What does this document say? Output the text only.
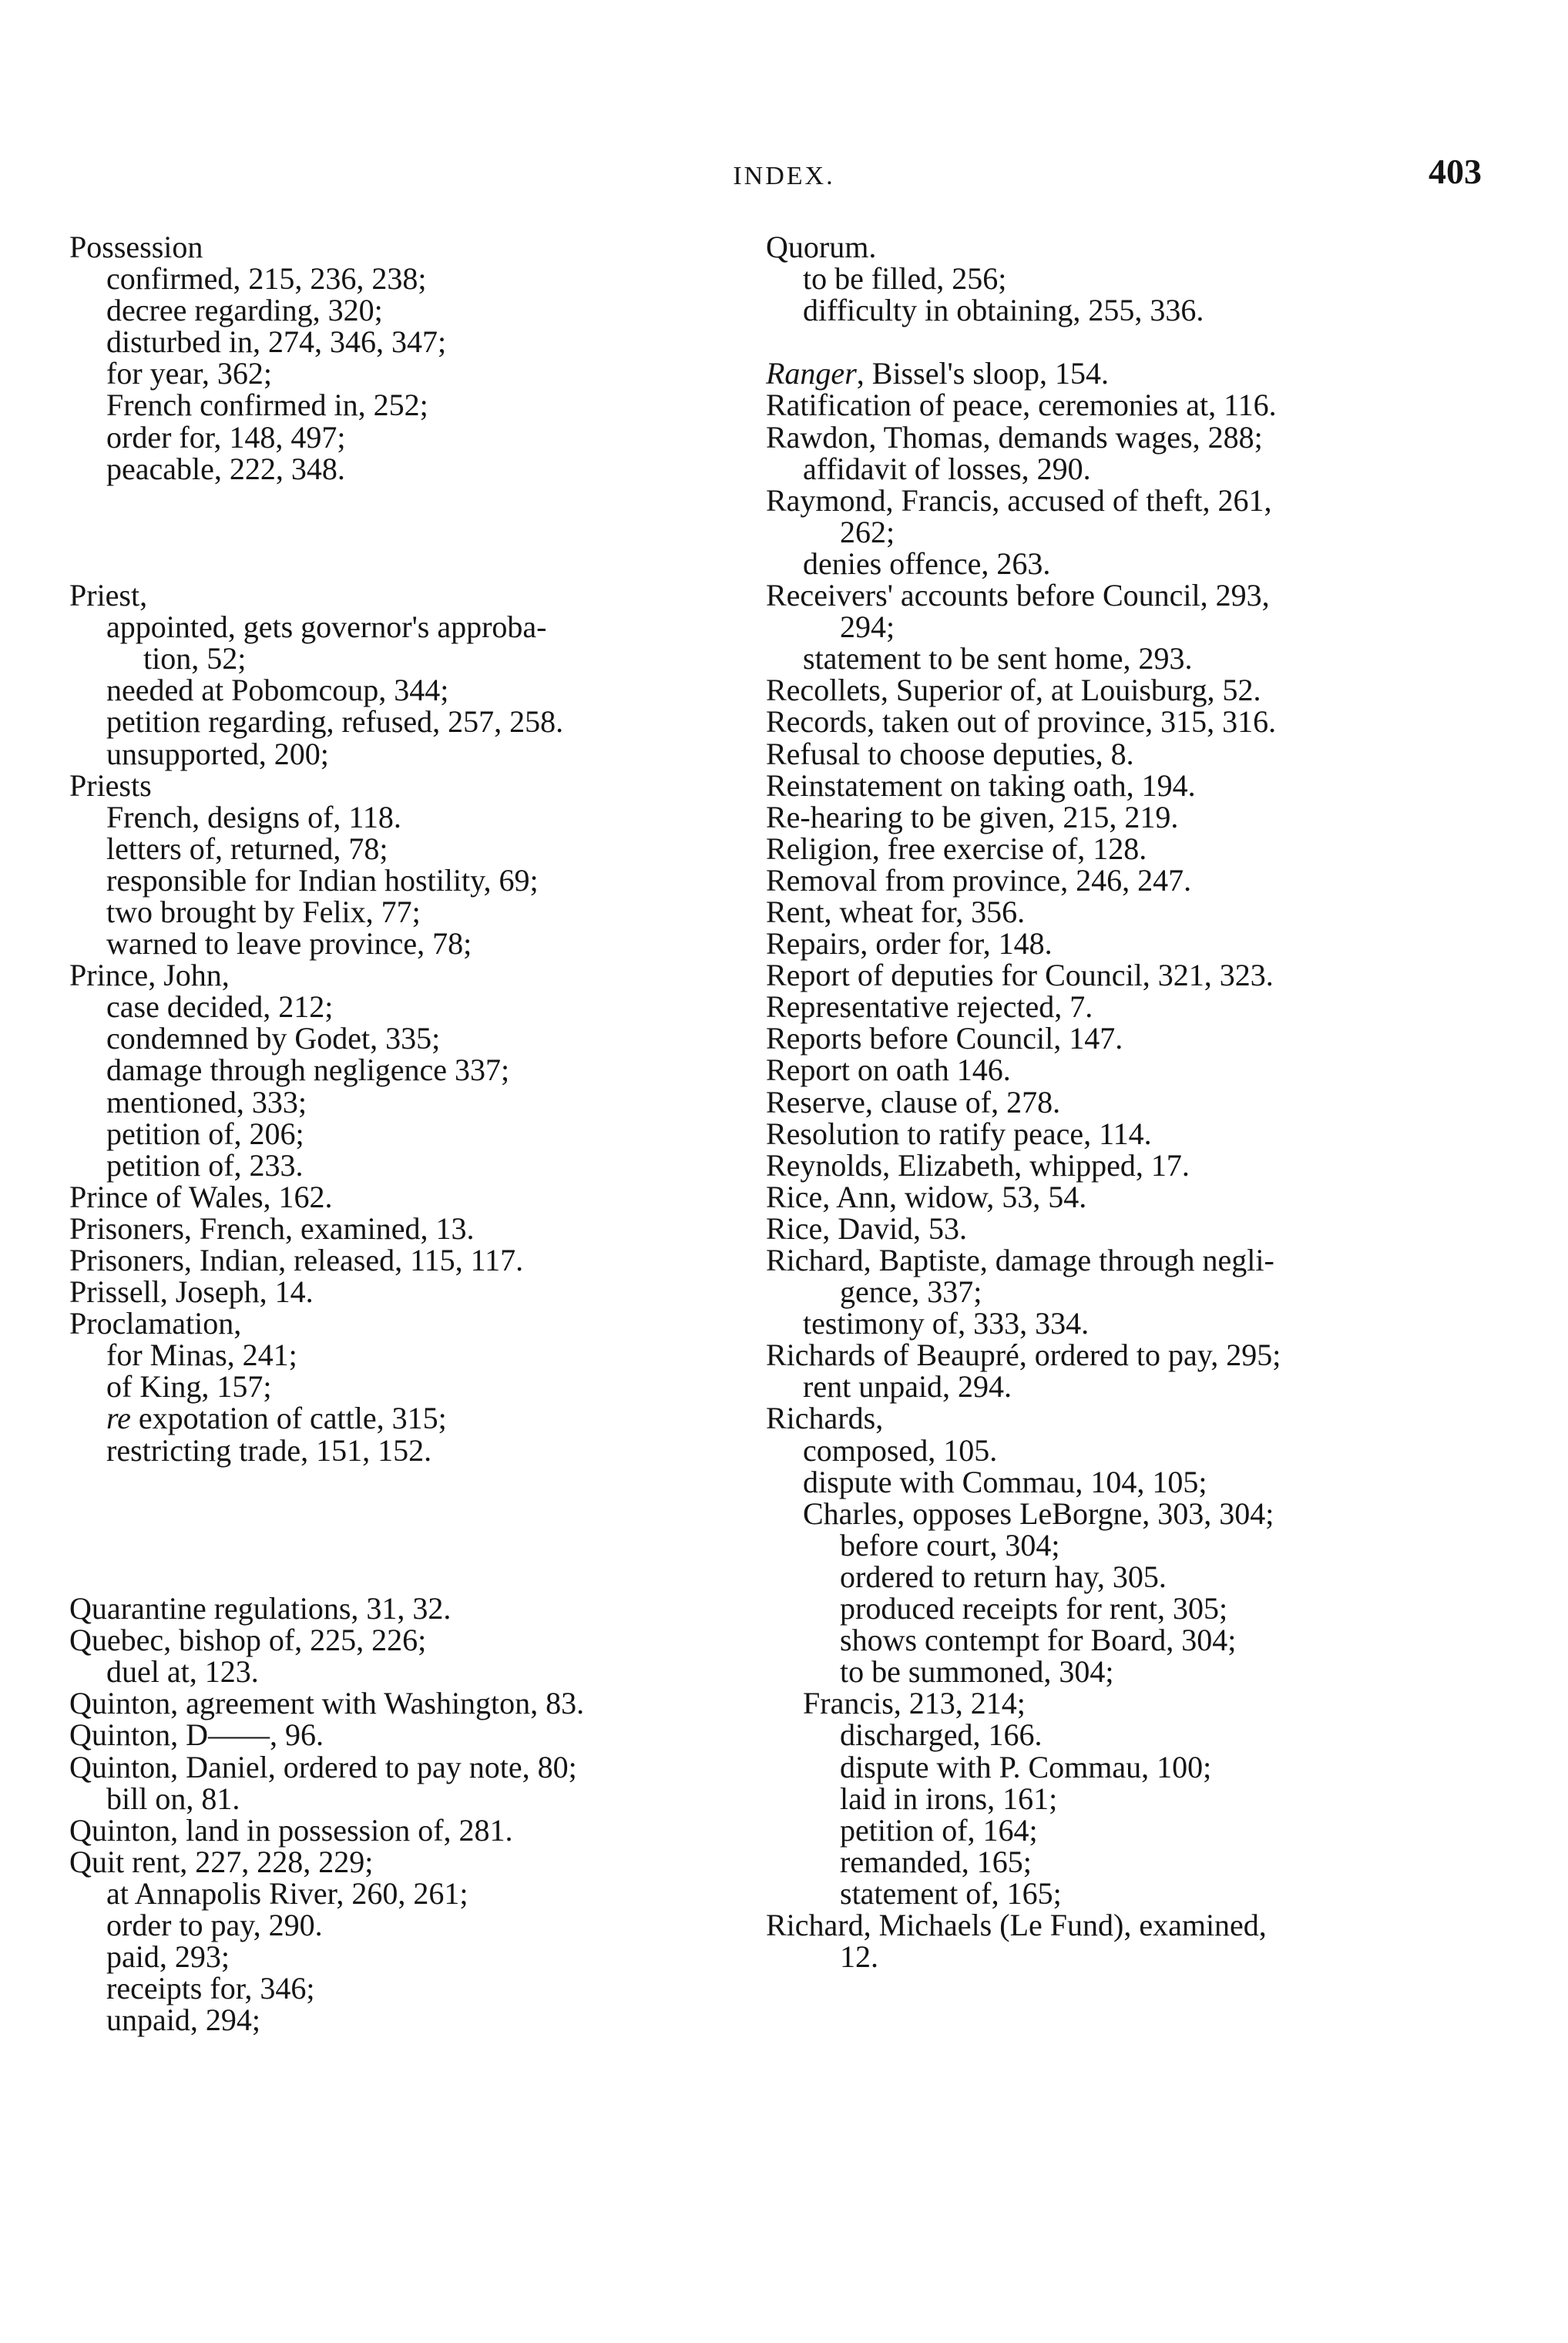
INDEX.	403
Possession
confirmed, 215, 236, 238;
decree regarding, 320;
disturbed in, 274, 346, 347;
for year, 362;
French confirmed in, 252;
order for, 148, 497;
peacable, 222, 348.
Priest,
appointed, gets governor's approba-
tion, 52;
needed at Pobomcoup, 344;
petition regarding, refused, 257, 258.
unsupported, 200;
Priests
French, designs of, 118.
letters of, returned, 78;
responsible for Indian hostility, 69;
two brought by Felix, 77;
warned to leave province, 78;
Prince, John,
case decided, 212;
condemned by Godet, 335;
damage through negligence 337;
mentioned, 333;
petition of, 206;
petition of, 233.
Prince of Wales, 162.
Prisoners, French, examined, 13.
Prisoners, Indian, released, 115, 117.
Prissell, Joseph, 14.
Proclamation,
for Minas, 241;
of King, 157;
re expotation of cattle, 315;
restricting trade, 151, 152.
Quarantine regulations, 31, 32.
Quebec, bishop of, 225, 226;
duel at, 123.
Quinton, agreement with Washington, 83.
Quinton, D——, 96.
Quinton, Daniel, ordered to pay note, 80;
bill on, 81.
Quinton, land in possession of, 281.
Quit rent, 227, 228, 229;
at Annapolis River, 260, 261;
order to pay, 290.
paid, 293;
receipts for, 346;
unpaid, 294;
Quorum.
to be filled, 256;
difficulty in obtaining, 255, 336.
Ranger, Bissel's sloop, 154.
Ratification of peace, ceremonies at, 116.
Rawdon, Thomas, demands wages, 288;
affidavit of losses, 290.
Raymond, Francis, accused of theft, 261,
262;
denies offence, 263.
Receivers' accounts before Council, 293,
294;
statement to be sent home, 293.
Recollets, Superior of, at Louisburg, 52.
Records, taken out of province, 315, 316.
Refusal to choose deputies, 8.
Reinstatement on taking oath, 194.
Re-hearing to be given, 215, 219.
Religion, free exercise of, 128.
Removal from province, 246, 247.
Rent, wheat for, 356.
Repairs, order for, 148.
Report of deputies for Council, 321, 323.
Representative rejected, 7.
Reports before Council, 147.
Report on oath 146.
Reserve, clause of, 278.
Resolution to ratify peace, 114.
Reynolds, Elizabeth, whipped, 17.
Rice, Ann, widow, 53, 54.
Rice, David, 53.
Richard, Baptiste, damage through negli-
gence, 337;
testimony of, 333, 334.
Richards of Beaupré, ordered to pay, 295;
rent unpaid, 294.
Richards,
composed, 105.
dispute with Commau, 104, 105;
Charles, opposes LeBorgne, 303, 304;
before court, 304;
ordered to return hay, 305.
produced receipts for rent, 305;
shows contempt for Board, 304;
to be summoned, 304;
Francis, 213, 214;
discharged, 166.
dispute with P. Commau, 100;
laid in irons, 161;
petition of, 164;
remanded, 165;
statement of, 165;
Richard, Michaels (Le Fund), examined,
12.
